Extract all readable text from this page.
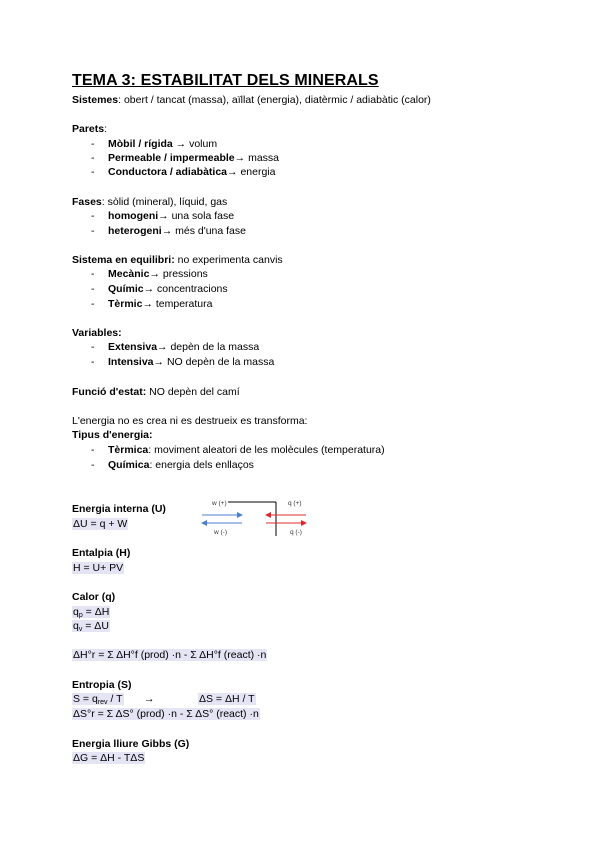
TEMA 3: ESTABILITAT DELS MINERALS
Sistemes: obert / tancat (massa), aïllat (energia), diatèrmic / adiabàtic (calor)
Parets:
- Mòbil / rígida → volum
- Permeable / impermeable→ massa
- Conductora / adiabàtica→ energia
Fases: sòlid (mineral), líquid, gas
- homogeni→ una sola fase
- heterogeni→ més d'una fase
Sistema en equilibri: no experimenta canvis
- Mecànic→ pressions
- Químic→ concentracions
- Tèrmic→ temperatura
Variables:
- Extensiva→ depèn de la massa
- Intensiva→ NO depèn de la massa
Funció d'estat: NO depèn del camí
L'energia no es crea ni es destrueix es transforma:
Tipus d'energia:
- Tèrmica: moviment aleatori de les molècules (temperatura)
- Química: energia dels enllaços
Energia interna (U)
ΔU = q + W
w (+)
w (-)
q (+)
q (-)
Entalpia (H)
H = U+ PV
Calor (q)
$q_p = \Delta H$
$q_v = \Delta U$
ΔH°r = Σ ΔH°f (prod) ·n - Σ ΔH°f (react) ·n
Entropia (S)
$S = q_{rev} / T$ →	ΔS = ΔH / T
ΔS°r = Σ ΔS° (prod) ·n - Σ ΔS° (react) ·n
Energia lliure Gibbs (G)
ΔG = ΔH - TΔS
